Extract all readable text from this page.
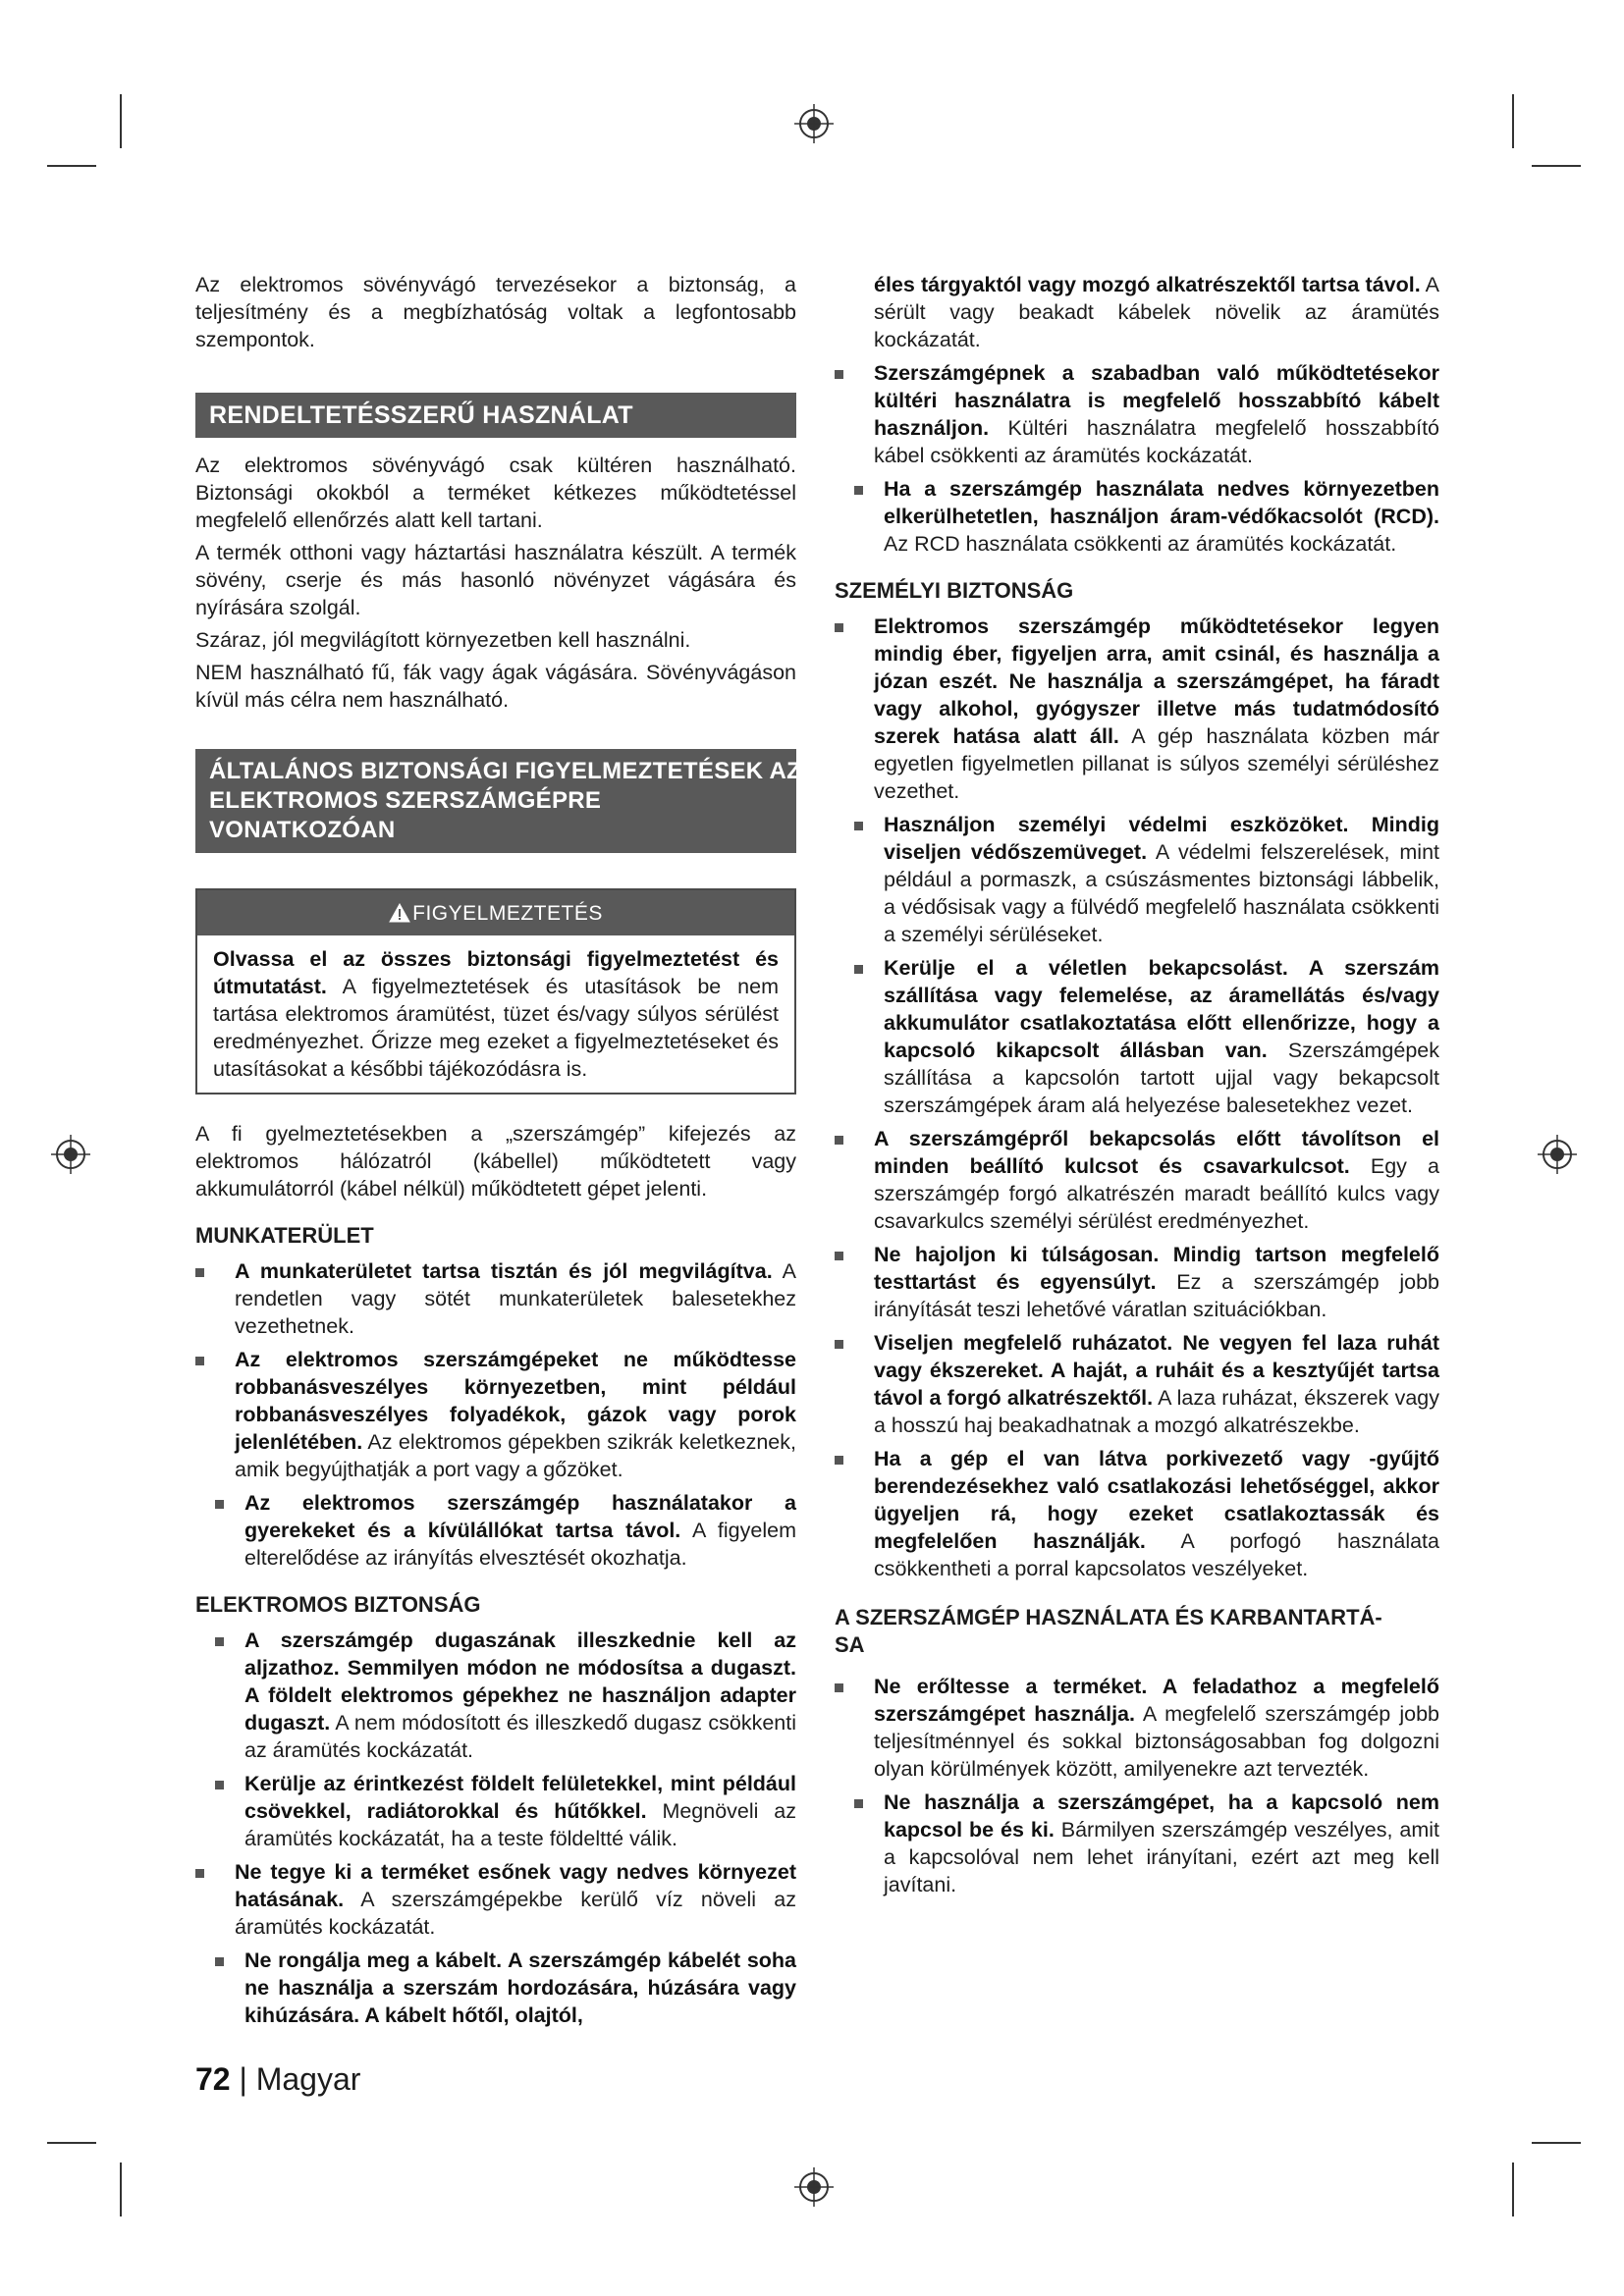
Az elektromos sövényvágó tervezésekor a biztonság, a teljesítmény és a megbízhatóság voltak a legfontosabb szempontok.

RENDELTETÉSSZERŰ HASZNÁLAT

Az elektromos sövényvágó csak kültéren használható. Biztonsági okokból a terméket kétkezes működtetéssel megfelelő ellenőrzés alatt kell tartani.

A termék otthoni vagy háztartási használatra készült. A termék sövény, cserje és más hasonló növényzet vágására és nyírására szolgál.

Száraz, jól megvilágított környezetben kell használni.

NEM használható fű, fák vagy ágak vágására. Sövényvágáson kívül más célra nem használható.

ÁLTALÁNOS BIZTONSÁGI FIGYELMEZTETÉSEK AZ
ELEKTROMOS SZERSZÁMGÉPRE VONATKOZÓAN
FIGYELMEZTETÉS

Olvassa el az összes biztonsági figyelmeztetést és útmutatást. A figyelmeztetések és utasítások be nem tartása elektromos áramütést, tüzet és/vagy súlyos sérülést eredményezhet. Őrizze meg ezeket a figyelmeztetéseket és utasításokat a későbbi tájékozódásra is.

A fi gyelmeztetésekben a „szerszámgép” kifejezés az elektromos hálózatról (kábellel) működtetett vagy akkumulátorról (kábel nélkül) működtetett gépet jelenti.

MUNKATERÜLET
A munkaterületet tartsa tisztán és jól megvilágítva. A rendetlen vagy sötét munkaterületek balesetekhez vezethetnek.
Az elektromos szerszámgépeket ne működtesse robbanásveszélyes környezetben, mint például robbanásveszélyes folyadékok, gázok vagy porok jelenlétében. Az elektromos gépekben szikrák keletkeznek, amik begyújthatják a port vagy a gőzöket.
Az elektromos szerszámgép használatakor a gyerekeket és a kívülállókat tartsa távol. A figyelem elterelődése az irányítás elvesztését okozhatja.
ELEKTROMOS BIZTONSÁG
A szerszámgép dugaszának illeszkednie kell az aljzathoz. Semmilyen módon ne módosítsa a dugaszt. A földelt elektromos gépekhez ne használjon adapter dugaszt. A nem módosított és illeszkedő dugasz csökkenti az áramütés kockázatát.
Kerülje az érintkezést földelt felületekkel, mint például csövekkel, radiátorokkal és hűtőkkel. Megnöveli az áramütés kockázatát, ha a teste földeltté válik.
Ne tegye ki a terméket esőnek vagy nedves környezet hatásának. A szerszámgépekbe kerülő víz növeli az áramütés kockázatát.
Ne rongálja meg a kábelt. A szerszámgép kábelét soha ne használja a szerszám hordozására, húzására vagy kihúzására. A kábelt hőtől, olajtól,
éles tárgyaktól vagy mozgó alkatrészektől tartsa távol. A sérült vagy beakadt kábelek növelik az áramütés kockázatát.
Szerszámgépnek a szabadban való működtetésekor kültéri használatra is megfelelő hosszabbító kábelt használjon. Kültéri használatra megfelelő hosszabbító kábel csökkenti az áramütés kockázatát.
Ha a szerszámgép használata nedves környezetben elkerülhetetlen, használjon áram-védőkacsolót (RCD). Az RCD használata csökkenti az áramütés kockázatát.
SZEMÉLYI BIZTONSÁG
Elektromos szerszámgép működtetésekor legyen mindig éber, figyeljen arra, amit csinál, és használja a józan eszét. Ne használja a szerszámgépet, ha fáradt vagy alkohol, gyógyszer illetve más tudatmódosító szerek hatása alatt áll. A gép használata közben már egyetlen figyelmetlen pillanat is súlyos személyi sérüléshez vezethet.
Használjon személyi védelmi eszközöket. Mindig viseljen védőszemüveget. A védelmi felszerelések, mint például a pormaszk, a csúszásmentes biztonsági lábbelik, a védősisak vagy a fülvédő megfelelő használata csökkenti a személyi sérüléseket.
Kerülje el a véletlen bekapcsolást. A szerszám szállítása vagy felemelése, az áramellátás és/vagy akkumulátor csatlakoztatása előtt ellenőrizze, hogy a kapcsoló kikapcsolt állásban van. Szerszámgépek szállítása a kapcsolón tartott ujjal vagy bekapcsolt szerszámgépek áram alá helyezése balesetekhez vezet.
A szerszámgépről bekapcsolás előtt távolítson el minden beállító kulcsot és csavarkulcsot. Egy a szerszámgép forgó alkatrészén maradt beállító kulcs vagy csavarkulcs személyi sérülést eredményezhet.
Ne hajoljon ki túlságosan. Mindig tartson megfelelő testtartást és egyensúlyt. Ez a szerszámgép jobb irányítását teszi lehetővé váratlan szituációkban.
Viseljen megfelelő ruházatot. Ne vegyen fel laza ruhát vagy ékszereket. A haját, a ruháit és a kesztyűjét tartsa távol a forgó alkatrészektől. A laza ruházat, ékszerek vagy a hosszú haj beakadhatnak a mozgó alkatrészekbe.
Ha a gép el van látva porkivezető vagy -gyűjtő berendezésekhez való csatlakozási lehetőséggel, akkor ügyeljen rá, hogy ezeket csatlakoztassák és megfelelően használják. A porfogó használata csökkentheti a porral kapcsolatos veszélyeket.
A SZERSZÁMGÉP HASZNÁLATA ÉS KARBANTARTÁ-
SA
Ne erőltesse a terméket. A feladathoz a megfelelő szerszámgépet használja. A megfelelő szerszámgép jobb teljesítménnyel és sokkal biztonságosabban fog dolgozni olyan körülmények között, amilyenekre azt tervezték.
Ne használja a szerszámgépet, ha a kapcsoló nem kapcsol be és ki. Bármilyen szerszámgép veszélyes, amit a kapcsolóval nem lehet irányítani, ezért azt meg kell javítani.
72 | Magyar
